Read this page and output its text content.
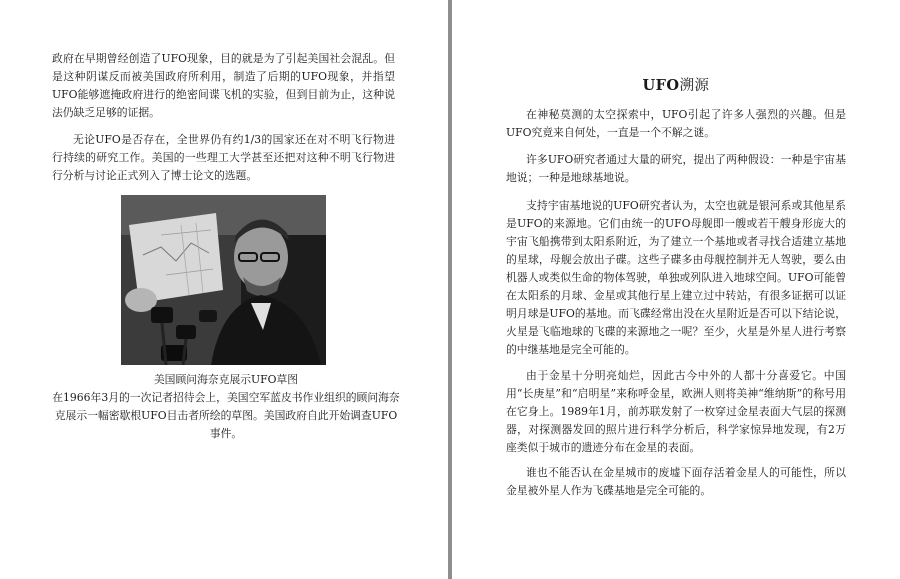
政府在早期曾经创造了UFO现象，目的就是为了引起美国社会混乱。但是这种阴谋反而被美国政府所利用，制造了后期的UFO现象，并指望UFO能够遮掩政府进行的绝密间谍飞机的实验，但到目前为止，这种说法仍缺乏足够的证据。

无论UFO是否存在，全世界仍有约1/3的国家还在对不明飞行物进行持续的研究工作。美国的一些理工大学甚至还把对这种不明飞行物进行分析与讨论正式列入了博士论文的选题。

美国顾问海奈克展示UFO草图

在1966年3月的一次记者招待会上，美国空军蓝皮书作业组织的顾问海奈克展示一幅密歇根UFO目击者所绘的草图。美国政府自此开始调查UFO事件。

UFO溯源

在神秘莫测的太空探索中，UFO引起了许多人强烈的兴趣。但是UFO究竟来自何处，一直是一个不解之谜。

许多UFO研究者通过大量的研究，提出了两种假设：一种是宇宙基地说；一种是地球基地说。

支持宇宙基地说的UFO研究者认为，太空也就是银河系或其他星系是UFO的来源地。它们由统一的UFO母舰即一艘或若干艘身形庞大的宇宙飞船携带到太阳系附近，为了建立一个基地或者寻找合适建立基地的星球，母舰会放出子碟。这些子碟多由母舰控制并无人驾驶，要么由机器人或类似生命的物体驾驶，单独或列队进入地球空间。UFO可能曾在太阳系的月球、金星或其他行星上建立过中转站，有很多证据可以证明月球是UFO的基地。而飞碟经常出没在火星附近是否可以下结论说，火星是飞临地球的飞碟的来源地之一呢？至少，火星是外星人进行考察的中继基地是完全可能的。

由于金星十分明亮灿烂，因此古今中外的人都十分喜爱它。中国用“长庚星”和“启明星”来称呼金星，欧洲人则将美神“维纳斯”的称号用在它身上。1989年1月，前苏联发射了一枚穿过金星表面大气层的探测器，对探测器发回的照片进行科学分析后，科学家惊异地发现，有2万座类似于城市的遗迹分布在金星的表面。

谁也不能否认在金星城市的废墟下面存活着金星人的可能性，所以金星被外星人作为飞碟基地是完全可能的。
